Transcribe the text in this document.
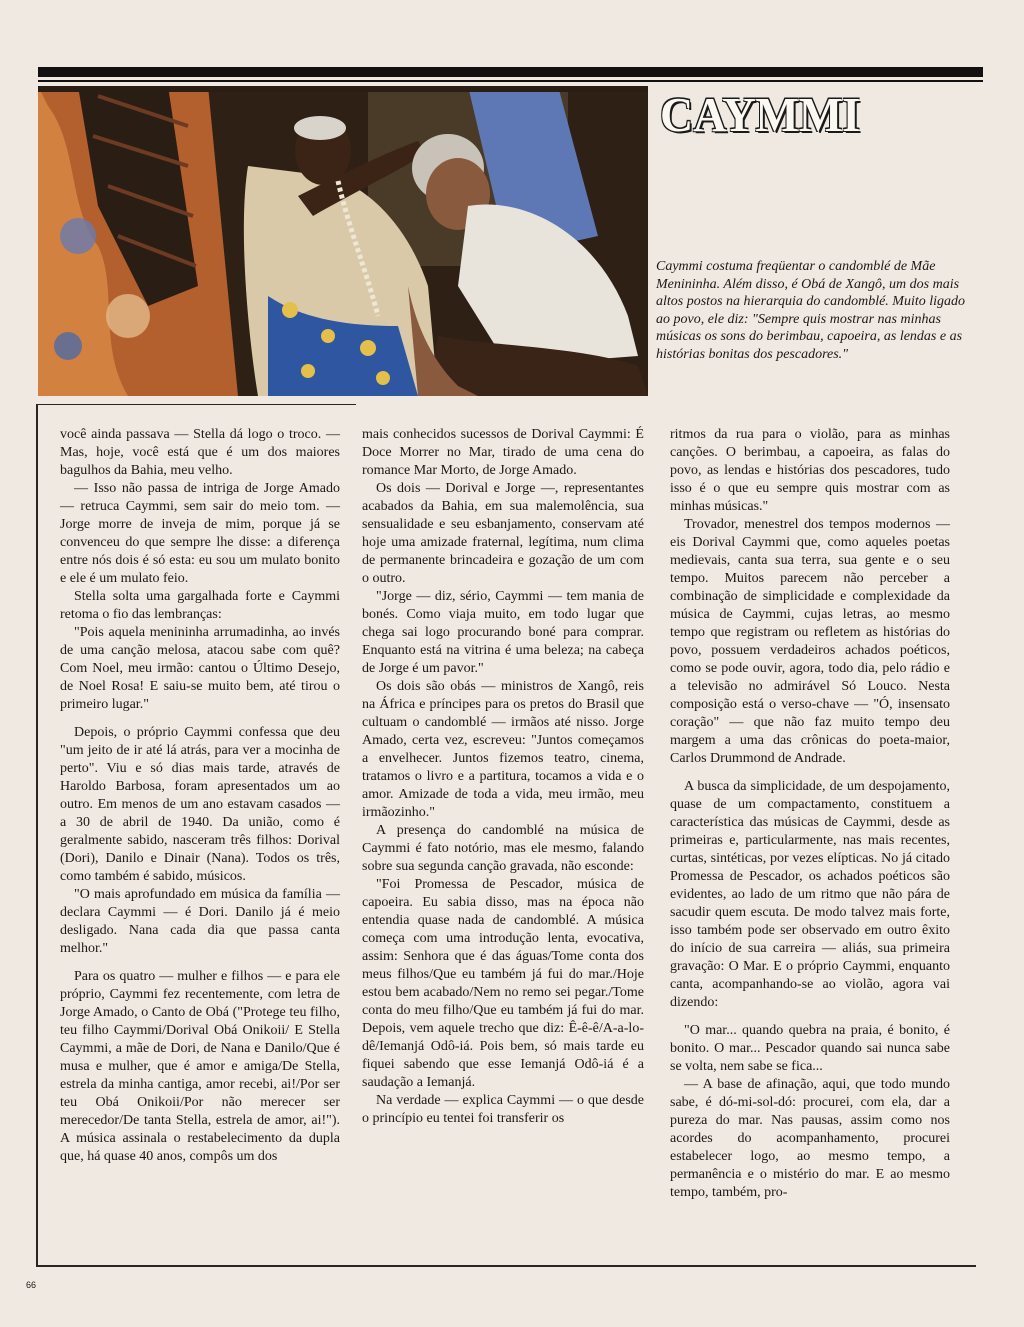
CAYMMI

Caymmi costuma freqüentar o candomblé de Mãe Menininha. Além disso, é Obá de Xangô, um dos mais altos postos na hierarquia do candomblé. Muito ligado ao povo, ele diz: "Sempre quis mostrar nas minhas músicas os sons do berimbau, capoeira, as lendas e as histórias bonitas dos pescadores."

você ainda passava — Stella dá logo o troco. — Mas, hoje, você está que é um dos maiores bagulhos da Bahia, meu velho.

— Isso não passa de intriga de Jorge Amado — retruca Caymmi, sem sair do meio tom. — Jorge morre de inveja de mim, porque já se convenceu do que sempre lhe disse: a diferença entre nós dois é só esta: eu sou um mulato bonito e ele é um mulato feio.

Stella solta uma gargalhada forte e Caymmi retoma o fio das lembranças:

"Pois aquela menininha arrumadinha, ao invés de uma canção melosa, atacou sabe com quê? Com Noel, meu irmão: cantou o Último Desejo, de Noel Rosa! E saiu-se muito bem, até tirou o primeiro lugar."

Depois, o próprio Caymmi confessa que deu "um jeito de ir até lá atrás, para ver a mocinha de perto". Viu e só dias mais tarde, através de Haroldo Barbosa, foram apresentados um ao outro. Em menos de um ano estavam casados — a 30 de abril de 1940. Da união, como é geralmente sabido, nasceram três filhos: Dorival (Dori), Danilo e Dinair (Nana). Todos os três, como também é sabido, músicos.

"O mais aprofundado em música da família — declara Caymmi — é Dori. Danilo já é meio desligado. Nana cada dia que passa canta melhor."

Para os quatro — mulher e filhos — e para ele próprio, Caymmi fez recentemente, com letra de Jorge Amado, o Canto de Obá ("Protege teu filho, teu filho Caymmi/Dorival Obá Onikoii/ E Stella Caymmi, a mãe de Dori, de Nana e Danilo/Que é musa e mulher, que é amor e amiga/De Stella, estrela da minha cantiga, amor recebi, ai!/Por ser teu Obá Onikoii/Por não merecer ser merecedor/De tanta Stella, estrela de amor, ai!"). A música assinala o restabelecimento da dupla que, há quase 40 anos, compôs um dos

mais conhecidos sucessos de Dorival Caymmi: É Doce Morrer no Mar, tirado de uma cena do romance Mar Morto, de Jorge Amado.

Os dois — Dorival e Jorge —, representantes acabados da Bahia, em sua malemolência, sua sensualidade e seu esbanjamento, conservam até hoje uma amizade fraternal, legítima, num clima de permanente brincadeira e gozação de um com o outro.

"Jorge — diz, sério, Caymmi — tem mania de bonés. Como viaja muito, em todo lugar que chega sai logo procurando boné para comprar. Enquanto está na vitrina é uma beleza; na cabeça de Jorge é um pavor."

Os dois são obás — ministros de Xangô, reis na África e príncipes para os pretos do Brasil que cultuam o candomblé — irmãos até nisso. Jorge Amado, certa vez, escreveu: "Juntos começamos a envelhecer. Juntos fizemos teatro, cinema, tratamos o livro e a partitura, tocamos a vida e o amor. Amizade de toda a vida, meu irmão, meu irmãozinho."

A presença do candomblé na música de Caymmi é fato notório, mas ele mesmo, falando sobre sua segunda canção gravada, não esconde:

"Foi Promessa de Pescador, música de capoeira. Eu sabia disso, mas na época não entendia quase nada de candomblé. A música começa com uma introdução lenta, evocativa, assim: Senhora que é das águas/Tome conta dos meus filhos/Que eu também já fui do mar./Hoje estou bem acabado/Nem no remo sei pegar./Tome conta do meu filho/Que eu também já fui do mar. Depois, vem aquele trecho que diz: Ê-ê-ê/A-a-lo-dê/Iemanjá Odô-iá. Pois bem, só mais tarde eu fiquei sabendo que esse Iemanjá Odô-iá é a saudação a Iemanjá.

Na verdade — explica Caymmi — o que desde o princípio eu tentei foi transferir os

ritmos da rua para o violão, para as minhas canções. O berimbau, a capoeira, as falas do povo, as lendas e histórias dos pescadores, tudo isso é o que eu sempre quis mostrar com as minhas músicas."

Trovador, menestrel dos tempos modernos — eis Dorival Caymmi que, como aqueles poetas medievais, canta sua terra, sua gente e o seu tempo. Muitos parecem não perceber a combinação de simplicidade e complexidade da música de Caymmi, cujas letras, ao mesmo tempo que registram ou refletem as histórias do povo, possuem verdadeiros achados poéticos, como se pode ouvir, agora, todo dia, pelo rádio e a televisão no admirável Só Louco. Nesta composição está o verso-chave — "Ó, insensato coração" — que não faz muito tempo deu margem a uma das crônicas do poeta-maior, Carlos Drummond de Andrade.

A busca da simplicidade, de um despojamento, quase de um compactamento, constituem a característica das músicas de Caymmi, desde as primeiras e, particularmente, nas mais recentes, curtas, sintéticas, por vezes elípticas. No já citado Promessa de Pescador, os achados poéticos são evidentes, ao lado de um ritmo que não pára de sacudir quem escuta. De modo talvez mais forte, isso também pode ser observado em outro êxito do início de sua carreira — aliás, sua primeira gravação: O Mar. E o próprio Caymmi, enquanto canta, acompanhando-se ao violão, agora vai dizendo:

"O mar... quando quebra na praia, é bonito, é bonito. O mar... Pescador quando sai nunca sabe se volta, nem sabe se fica...

— A base de afinação, aqui, que todo mundo sabe, é dó-mi-sol-dó: procurei, com ela, dar a pureza do mar. Nas pausas, assim como nos acordes do acompanhamento, procurei estabelecer logo, ao mesmo tempo, a permanência e o mistério do mar. E ao mesmo tempo, também, pro-

66
